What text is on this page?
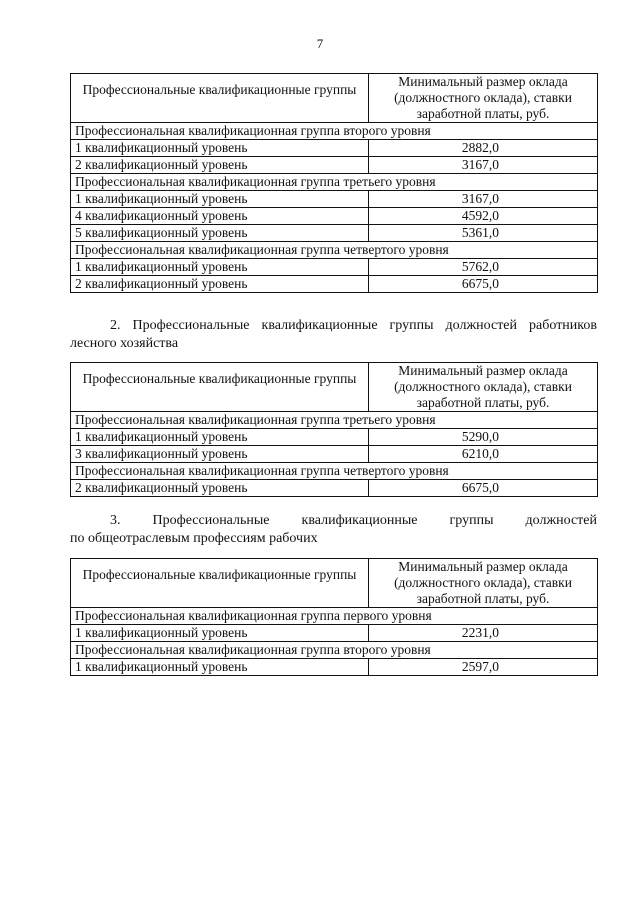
7
Профессиональные квалификационные группы	Минимальный размер оклада (должностного оклада), ставки заработной платы, руб.
Профессиональная квалификационная группа второго уровня	
1 квалификационный уровень	2882,0
2 квалификационный уровень	3167,0
Профессиональная квалификационная группа третьего уровня	
1 квалификационный уровень	3167,0
4 квалификационный уровень	4592,0
5 квалификационный уровень	5361,0
Профессиональная квалификационная группа четвертого уровня	
1 квалификационный уровень	5762,0
2 квалификационный уровень	6675,0
2. Профессиональные квалификационные группы должностей работников
лесного хозяйства
Профессиональные квалификационные группы	Минимальный размер оклада (должностного оклада), ставки заработной платы, руб.
Профессиональная квалификационная группа третьего уровня	
1 квалификационный уровень	5290,0
3 квалификационный уровень	6210,0
Профессиональная квалификационная группа четвертого уровня	
2 квалификационный уровень	6675,0
3. Профессиональные квалификационные группы должностей
по общеотраслевым профессиям рабочих
Профессиональные квалификационные группы	Минимальный размер оклада (должностного оклада), ставки заработной платы, руб.
Профессиональная квалификационная группа первого уровня	
1 квалификационный уровень	2231,0
Профессиональная квалификационная группа второго уровня	
1 квалификационный уровень	2597,0
